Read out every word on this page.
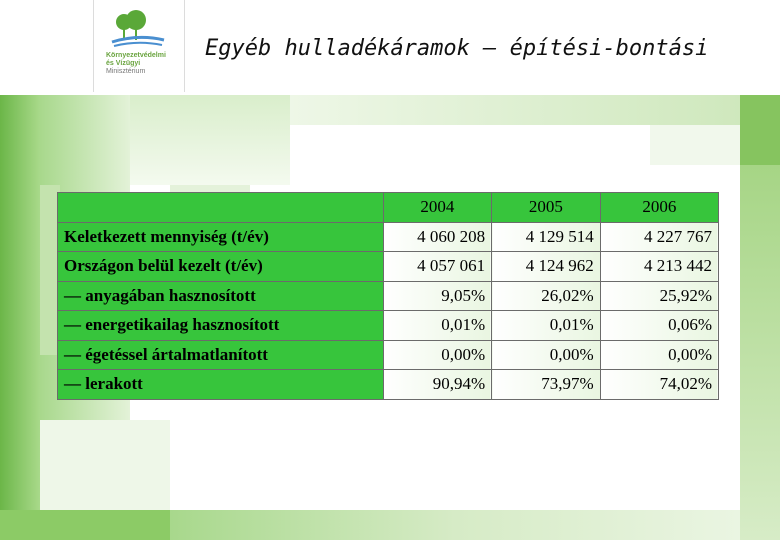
Környezetvédelmi
és Vízügyi
Minisztérium
Egyéb hulladékáramok – építési-bontási
	2004	2005	2006
Keletkezett mennyiség (t/év)	4 060 208	4 129 514	4 227 767
Országon belül kezelt (t/év)	4 057 061	4 124 962	4 213 442
— anyagában hasznosított	9,05%	26,02%	25,92%
— energetikailag hasznosított	0,01%	0,01%	0,06%
— égetéssel ártalmatlanított	0,00%	0,00%	0,00%
— lerakott	90,94%	73,97%	74,02%
